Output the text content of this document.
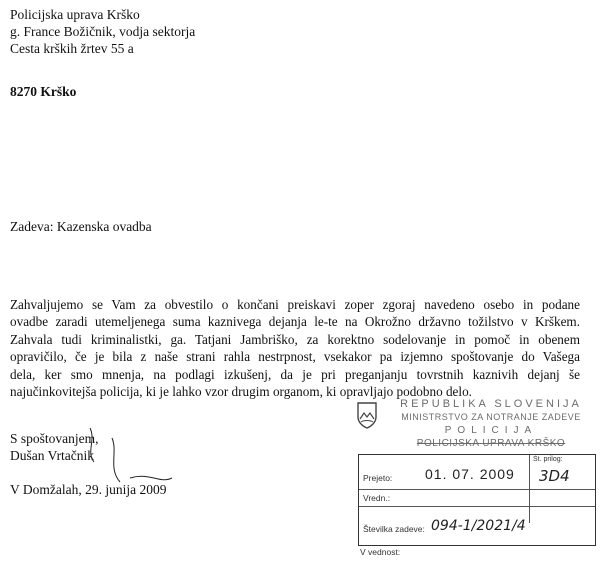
Policijska uprava Krško
g. France Božičnik, vodja sektorja
Cesta krških žrtev 55 a
8270 Krško
Zadeva: Kazenska ovadba
Zahvaljujemo se Vam za obvestilo o končani preiskavi zoper zgoraj navedeno osebo in podane
ovadbe zaradi utemeljenega suma kaznivega dejanja le-te na Okrožno državno tožilstvo v Krškem.
Zahvala tudi kriminalistki, ga. Tatjani Jambriško, za korektno sodelovanje in pomoč in obenem
opravičilo, če je bila z naše strani rahla nestrpnost, vsekakor pa izjemno spoštovanje do Vašega
dela, ker smo mnenja, na podlagi izkušenj, da je pri preganjanju tovrstnih kaznivih dejanj še
najučinkovitejša policija, ki je lahko vzor drugim organom, ki opravljajo podobno delo.
S spoštovanjem,
Dušan Vrtačnik
V Domžalah, 29. junija 2009
REPUBLIKA SLOVENIJA
MINISTRSTVO ZA NOTRANJE ZADEVE
POLICIJA
POLICIJSKA UPRAVA KRŠKO
Prejeto: 01. 07. 2009
Št. prilog:
3D4
Vredn.:
Številka zadeve: 094-1/2021/4
V vednost:
